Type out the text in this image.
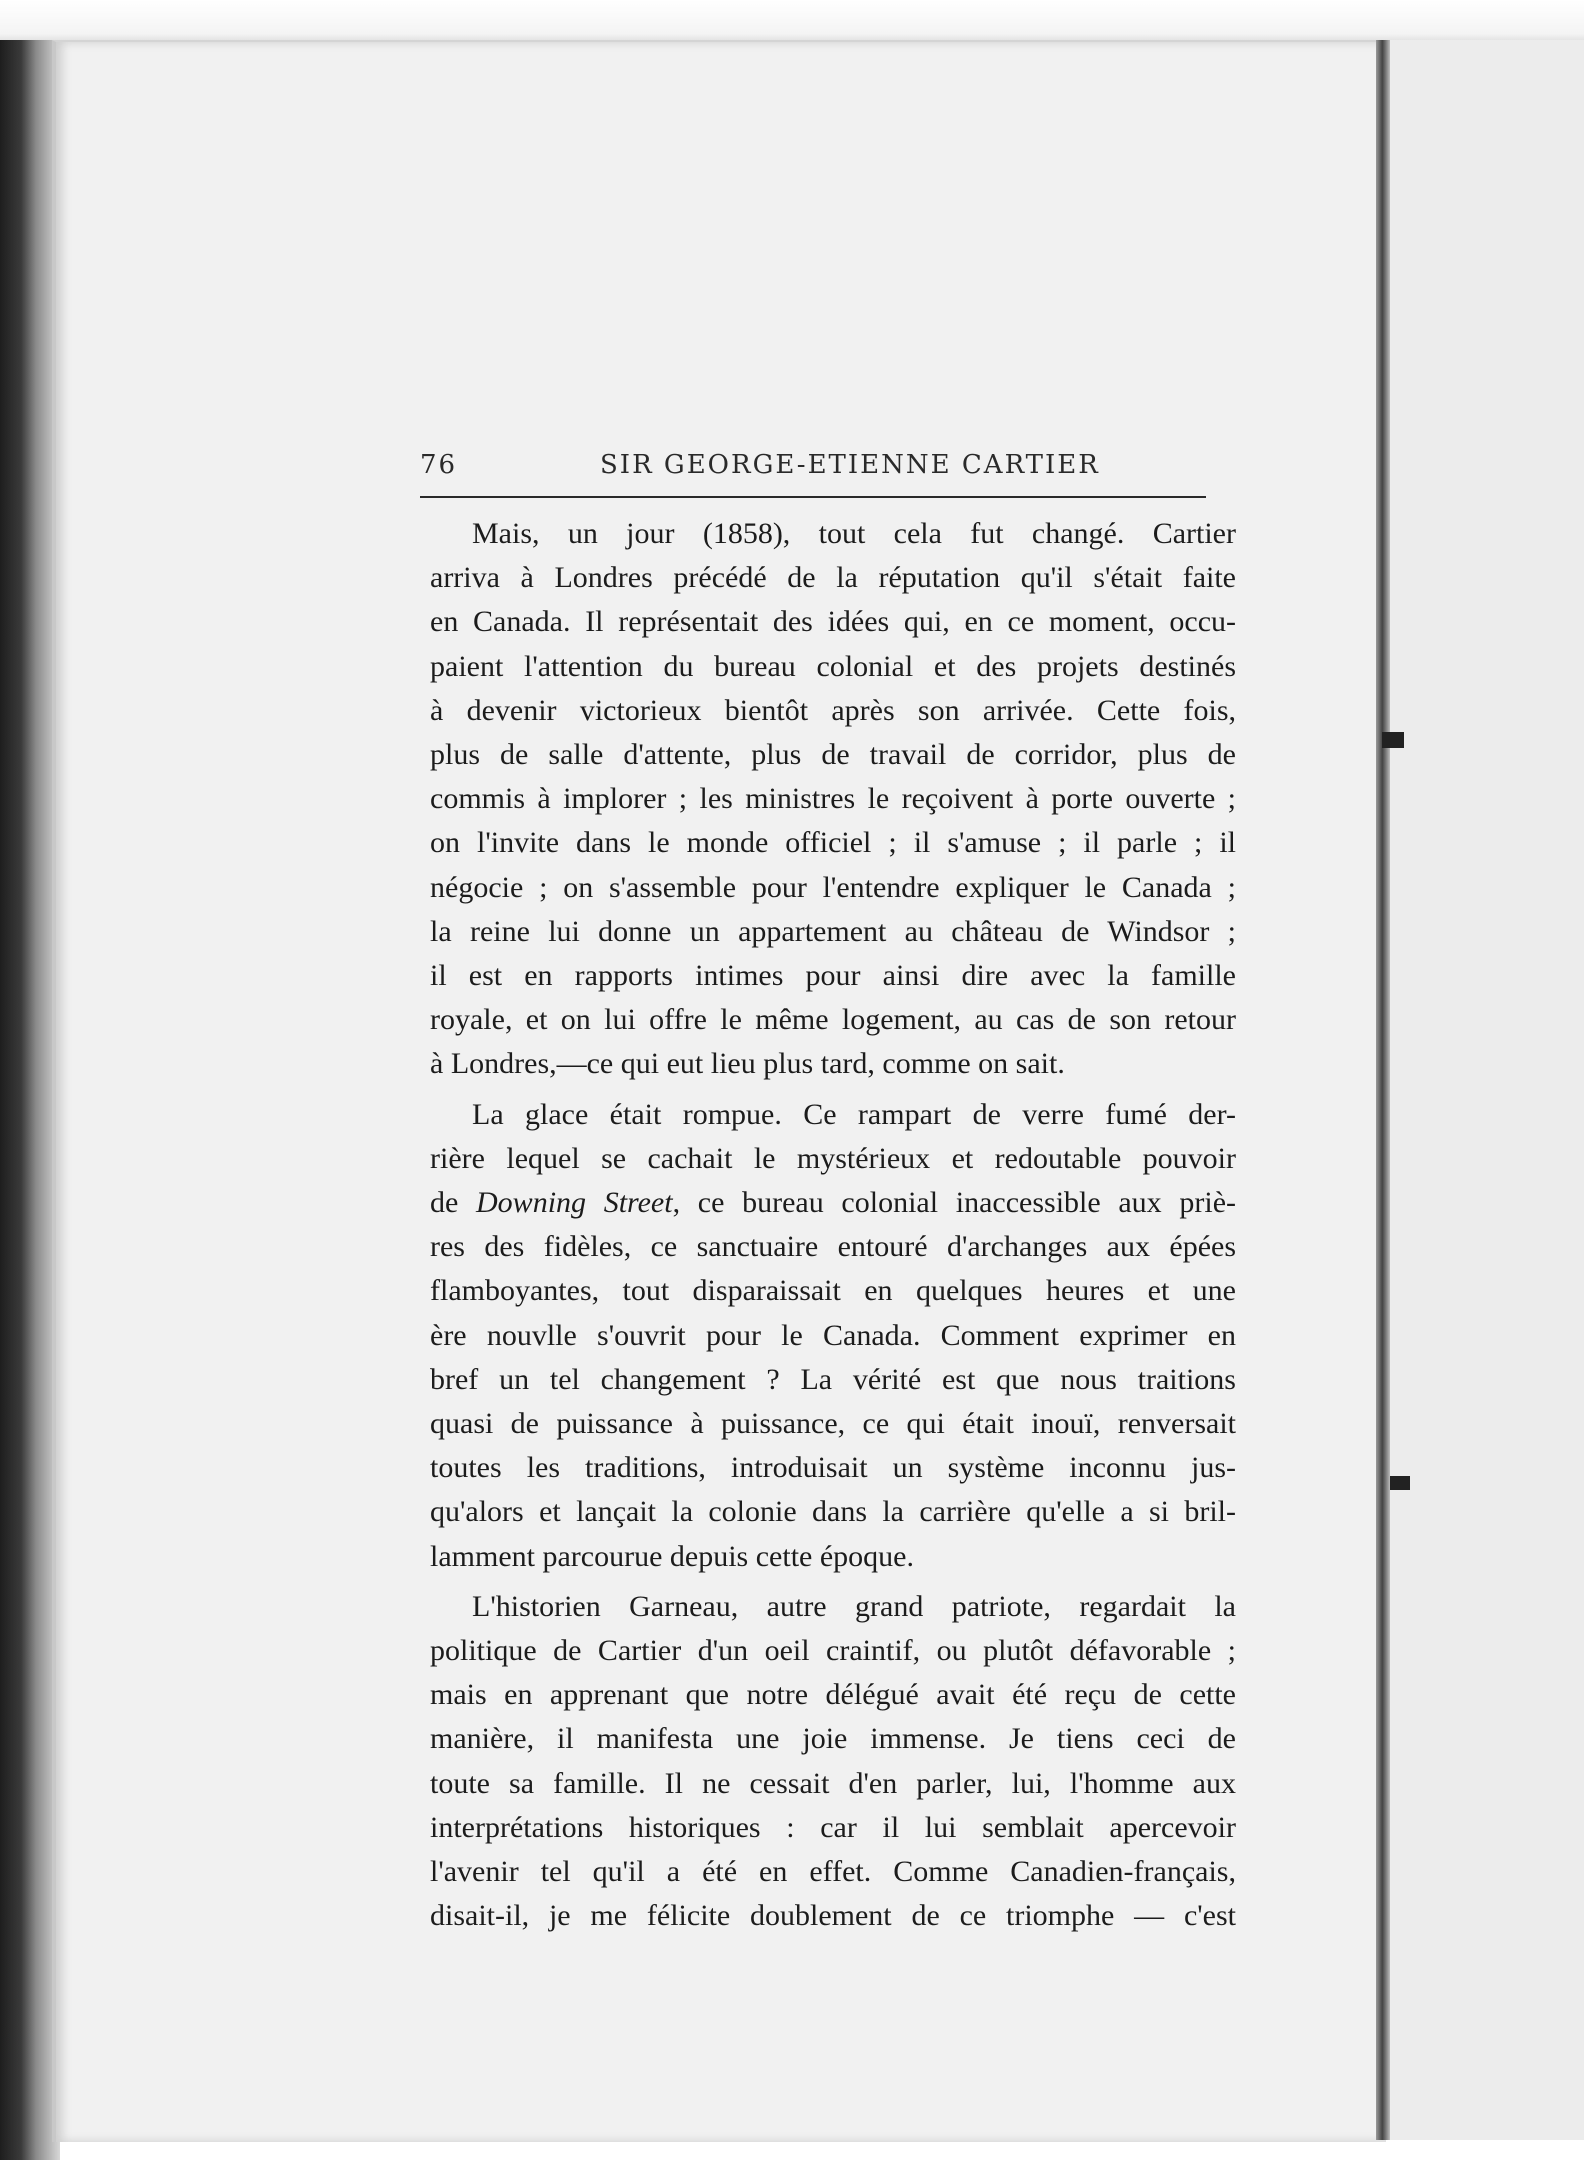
76	SIR GEORGE-ETIENNE CARTIER
Mais, un jour (1858), tout cela fut changé. Cartier
arriva à Londres précédé de la réputation qu'il s'était faite
en Canada. Il représentait des idées qui, en ce moment, occu-
paient l'attention du bureau colonial et des projets destinés
à devenir victorieux bientôt après son arrivée. Cette fois,
plus de salle d'attente, plus de travail de corridor, plus de
commis à implorer ; les ministres le reçoivent à porte ouverte ;
on l'invite dans le monde officiel ; il s'amuse ; il parle ; il
négocie ; on s'assemble pour l'entendre expliquer le Canada ;
la reine lui donne un appartement au château de Windsor ;
il est en rapports intimes pour ainsi dire avec la famille
royale, et on lui offre le même logement, au cas de son retour
à Londres,—ce qui eut lieu plus tard, comme on sait.
La glace était rompue. Ce rampart de verre fumé der-
rière lequel se cachait le mystérieux et redoutable pouvoir
de Downing Street, ce bureau colonial inaccessible aux priè-
res des fidèles, ce sanctuaire entouré d'archanges aux épées
flamboyantes, tout disparaissait en quelques heures et une
ère nouvlle s'ouvrit pour le Canada. Comment exprimer en
bref un tel changement ? La vérité est que nous traitions
quasi de puissance à puissance, ce qui était inouï, renversait
toutes les traditions, introduisait un système inconnu jus-
qu'alors et lançait la colonie dans la carrière qu'elle a si bril-
lamment parcourue depuis cette époque.
L'historien Garneau, autre grand patriote, regardait la
politique de Cartier d'un oeil craintif, ou plutôt défavorable ;
mais en apprenant que notre délégué avait été reçu de cette
manière, il manifesta une joie immense. Je tiens ceci de
toute sa famille. Il ne cessait d'en parler, lui, l'homme aux
interprétations historiques : car il lui semblait apercevoir
l'avenir tel qu'il a été en effet. Comme Canadien-français,
disait-il, je me félicite doublement de ce triomphe — c'est
